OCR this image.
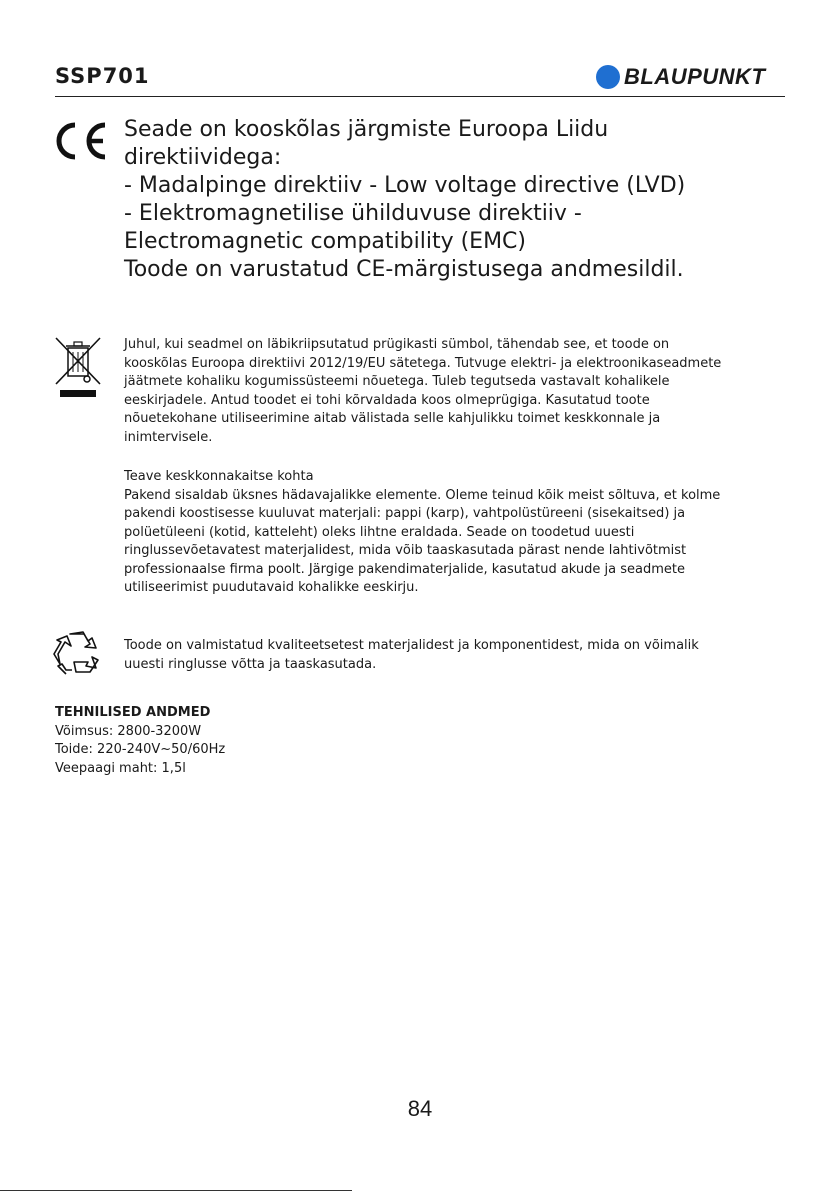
SSP701	BLAUPUNKT
Seade on kooskõlas järgmiste Euroopa Liidu
direktiividega:
- Madalpinge direktiiv - Low voltage directive (LVD)
- Elektromagnetilise ühilduvuse direktiiv -
Electromagnetic compatibility (EMC)
Toode on varustatud CE-märgistusega andmesildil.
Juhul, kui seadmel on läbikriipsutatud prügikasti sümbol, tähendab see, et toode on
kooskõlas Euroopa direktiivi 2012/19/EU sätetega. Tutvuge elektri- ja elektroonikaseadmete
jäätmete kohaliku kogumissüsteemi nõuetega. Tuleb tegutseda vastavalt kohalikele
eeskirjadele. Antud toodet ei tohi kõrvaldada koos olmeprügiga. Kasutatud toote
nõuetekohane utiliseerimine aitab välistada selle kahjulikku toimet keskkonnale ja
inimtervisele.
Teave keskkonnakaitse kohta
Pakend sisaldab üksnes hädavajalikke elemente. Oleme teinud kõik meist sõltuva, et kolme
pakendi koostisesse kuuluvat materjali: pappi (karp), vahtpolüstüreeni (sisekaitsed) ja
polüetüleeni (kotid, katteleht) oleks lihtne eraldada. Seade on toodetud uuesti
ringlussevõetavatest materjalidest, mida võib taaskasutada pärast nende lahtivõtmist
professionaalse firma poolt. Järgige pakendimaterjalide, kasutatud akude ja seadmete
utiliseerimist puudutavaid kohalikke eeskirju.
Toode on valmistatud kvaliteetsetest materjalidest ja komponentidest, mida on võimalik
uuesti ringlusse võtta ja taaskasutada.
TEHNILISED ANDMED
Võimsus: 2800-3200W
Toide: 220-240V~50/60Hz
Veepaagi maht: 1,5l
84
